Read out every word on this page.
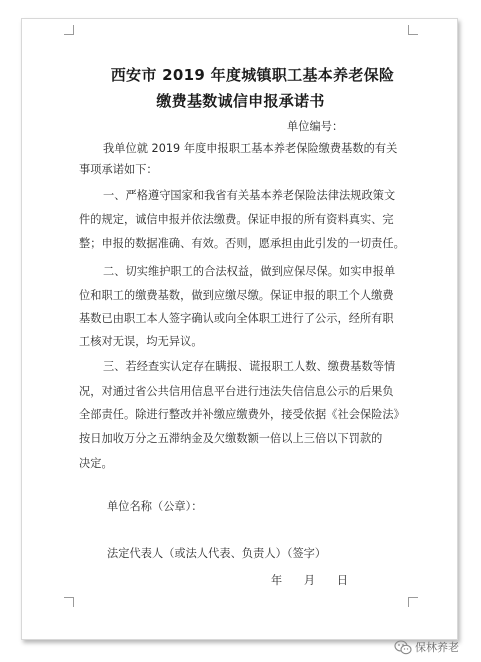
西安市 2019 年度城镇职工基本养老保险
缴费基数诚信申报承诺书
单位编号：
我单位就 2019 年度申报职工基本养老保险缴费基数的有关
事项承诺如下：
一、严格遵守国家和我省有关基本养老保险法律法规政策文
件的规定，诚信申报并依法缴费。保证申报的所有资料真实、完
整；申报的数据准确、有效。否则，愿承担由此引发的一切责任。
二、切实维护职工的合法权益，做到应保尽保。如实申报单
位和职工的缴费基数，做到应缴尽缴。保证申报的职工个人缴费
基数已由职工本人签字确认或向全体职工进行了公示，经所有职
工核对无误，均无异议。
三、若经查实认定存在瞒报、谎报职工人数、缴费基数等情
况，对通过省公共信用信息平台进行违法失信信息公示的后果负
全部责任。除进行整改并补缴应缴费外，接受依据《社会保险法》
按日加收万分之五滞纳金及欠缴数额一倍以上三倍以下罚款的
决定。
单位名称（公章）：
法定代表人（或法人代表、负责人）（签字）
年      月      日
保林养老
